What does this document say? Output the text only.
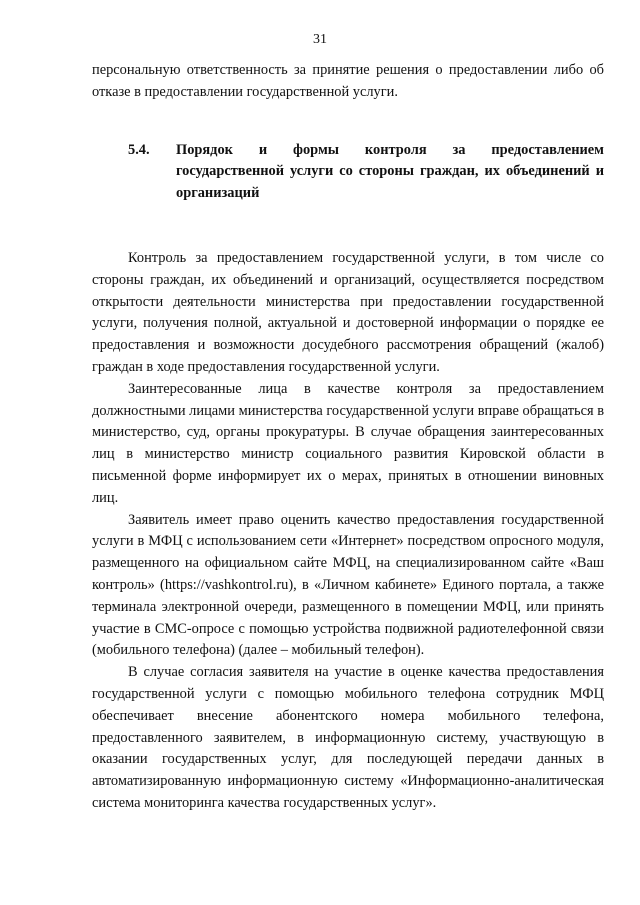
31

персональную ответственность за принятие решения о предоставлении либо об отказе в предоставлении государственной услуги.

5.4.	Порядок и формы контроля за предоставлением государственной услуги со стороны граждан, их объединений и организаций

Контроль за предоставлением государственной услуги, в том числе со стороны граждан, их объединений и организаций, осуществляется посредством открытости деятельности министерства при предоставлении государственной услуги, получения полной, актуальной и достоверной информации о порядке ее предоставления и возможности досудебного рассмотрения обращений (жалоб) граждан в ходе предоставления государственной услуги.

Заинтересованные лица в качестве контроля за предоставлением должностными лицами министерства государственной услуги вправе обращаться в министерство, суд, органы прокуратуры. В случае обращения заинтересованных лиц в министерство министр социального развития Кировской области в письменной форме информирует их о мерах, принятых в отношении виновных лиц.

Заявитель имеет право оценить качество предоставления государственной услуги в МФЦ с использованием сети «Интернет» посредством опросного модуля, размещенного на официальном сайте МФЦ, на специализированном сайте «Ваш контроль» (https://vashkontrol.ru), в «Личном кабинете» Единого портала, а также терминала электронной очереди, размещенного в помещении МФЦ, или принять участие в СМС-опросе с помощью устройства подвижной радиотелефонной связи (мобильного телефона) (далее – мобильный телефон).

В случае согласия заявителя на участие в оценке качества предоставления государственной услуги с помощью мобильного телефона сотрудник МФЦ обеспечивает внесение абонентского номера мобильного телефона, предоставленного заявителем, в информационную систему, участвующую в оказании государственных услуг, для последующей передачи данных в автоматизированную информационную систему «Информационно-аналитическая система мониторинга качества государственных услуг».
